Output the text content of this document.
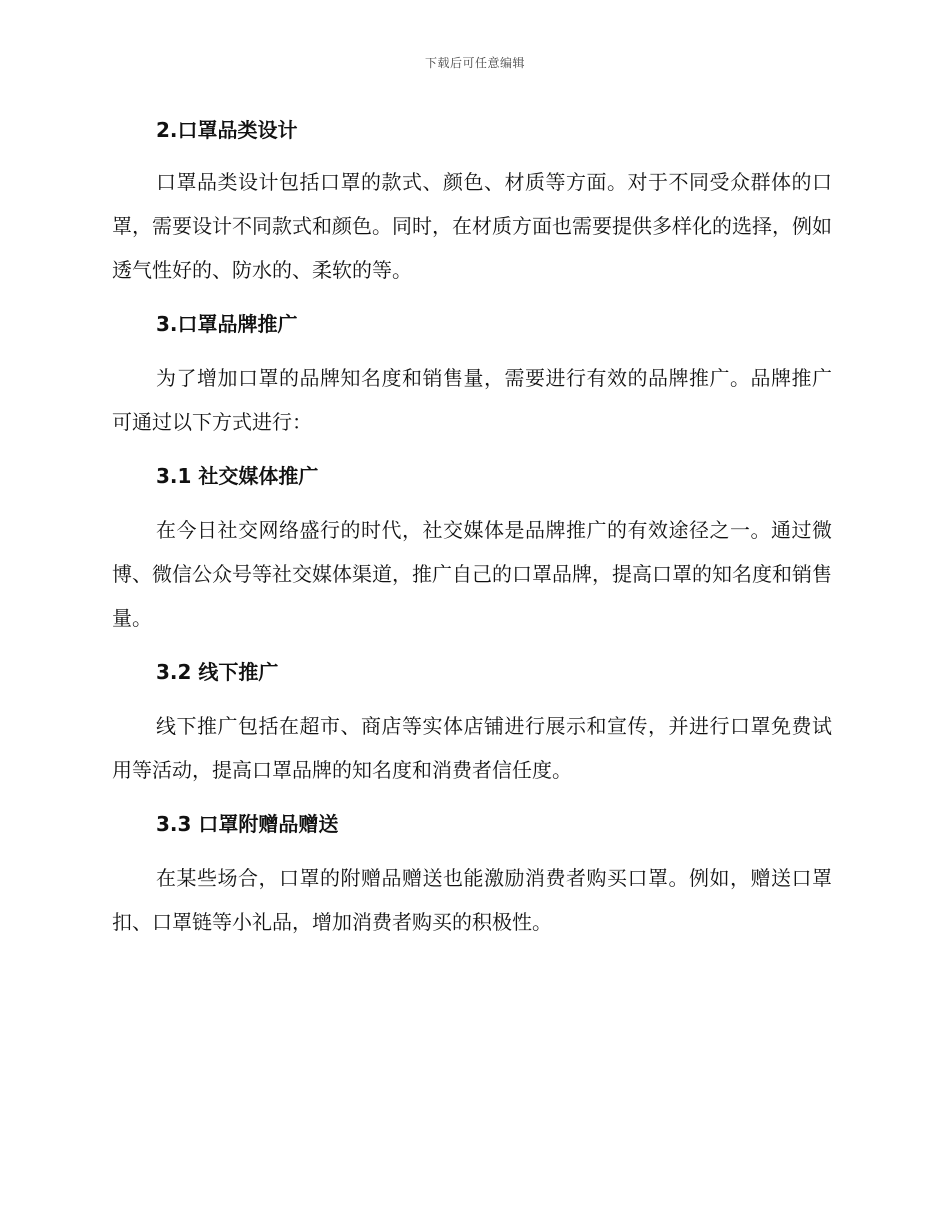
下载后可任意编辑
2.口罩品类设计

口罩品类设计包括口罩的款式、颜色、材质等方面。对于不同受众群体的口罩，需要设计不同款式和颜色。同时，在材质方面也需要提供多样化的选择，例如透气性好的、防水的、柔软的等。

3.口罩品牌推广

为了增加口罩的品牌知名度和销售量，需要进行有效的品牌推广。品牌推广可通过以下方式进行：

3.1 社交媒体推广

在今日社交网络盛行的时代，社交媒体是品牌推广的有效途径之一。通过微博、微信公众号等社交媒体渠道，推广自己的口罩品牌，提高口罩的知名度和销售量。

3.2 线下推广

线下推广包括在超市、商店等实体店铺进行展示和宣传，并进行口罩免费试用等活动，提高口罩品牌的知名度和消费者信任度。

3.3 口罩附赠品赠送

在某些场合，口罩的附赠品赠送也能激励消费者购买口罩。例如，赠送口罩扣、口罩链等小礼品，增加消费者购买的积极性。
